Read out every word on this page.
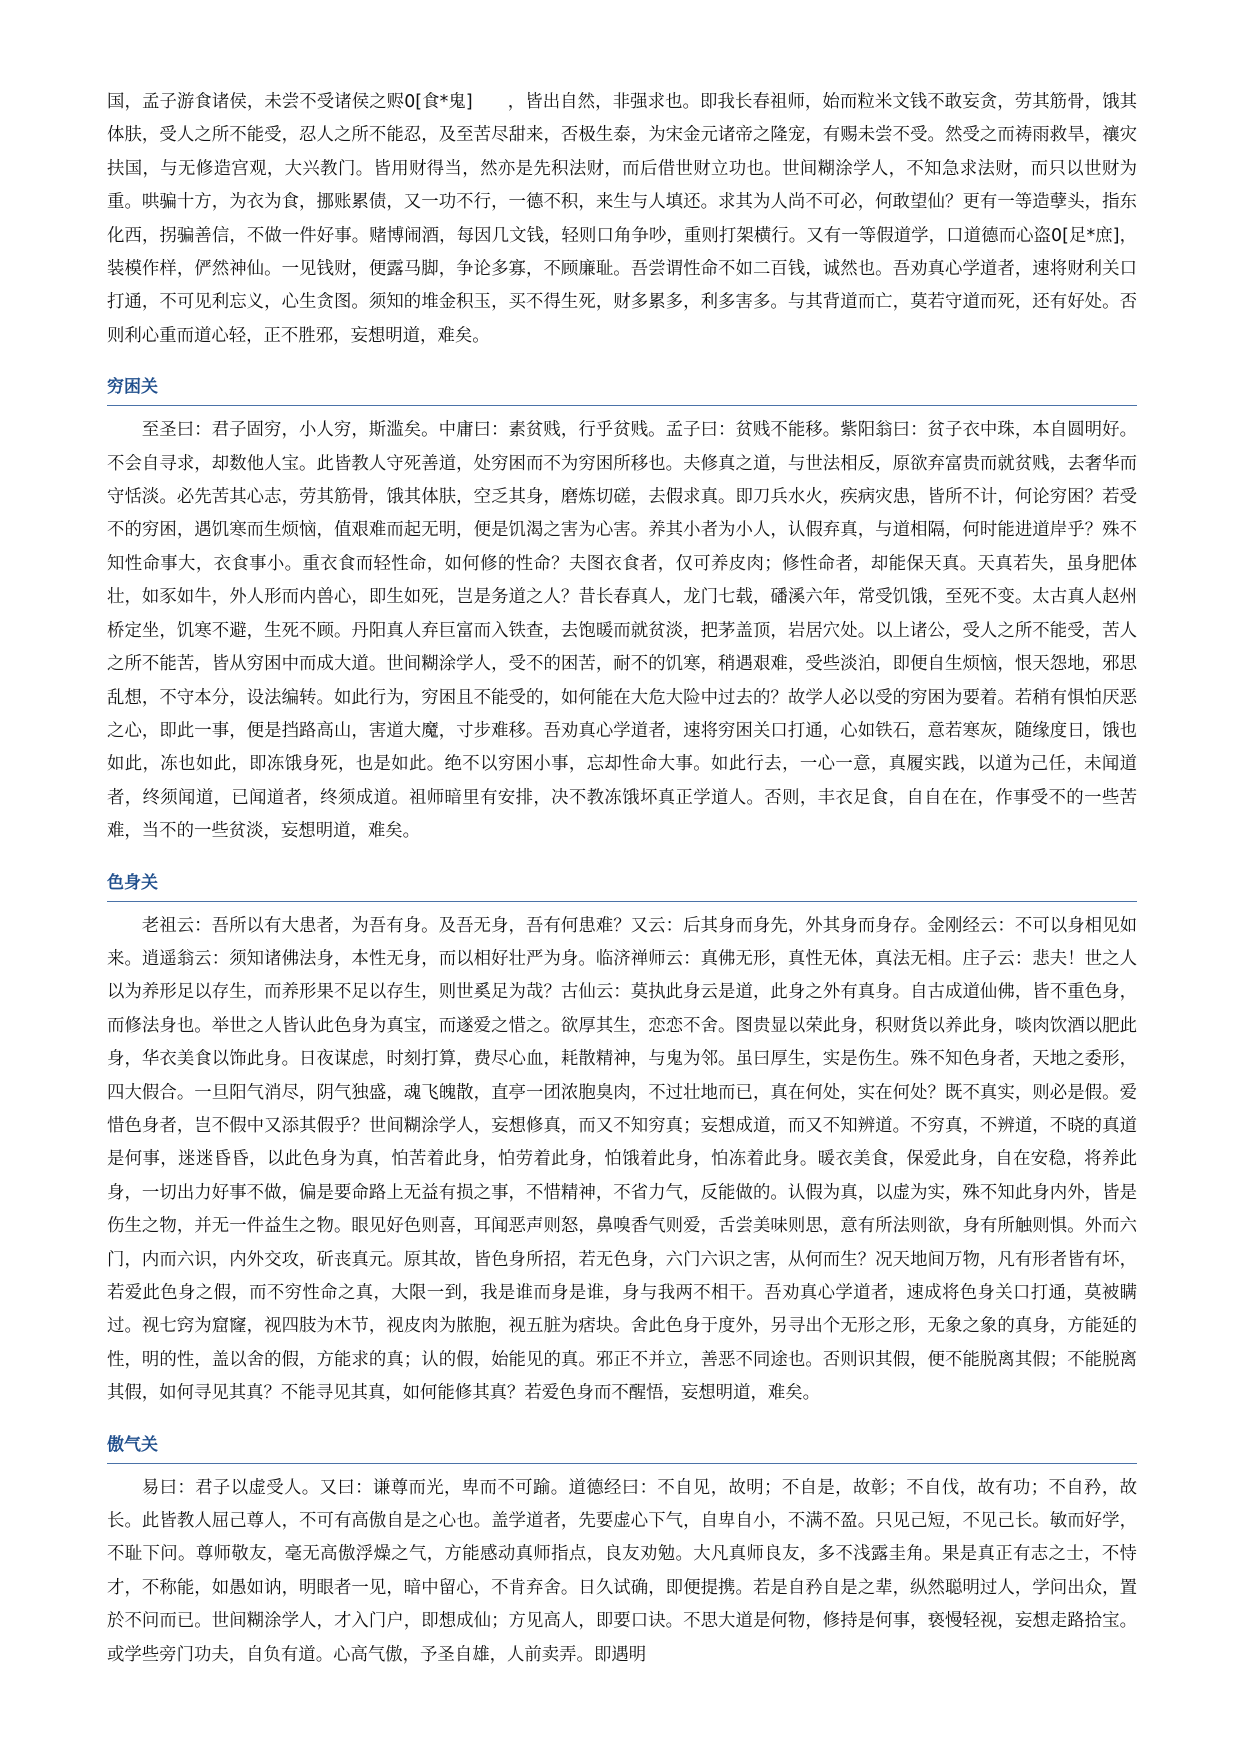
国，孟子游食诸侯，未尝不受诸侯之赆0[食*鬼]　　，皆出自然，非强求也。即我长春祖师，始而粒米文钱不敢妄贪，劳其筋骨，饿其体肤，受人之所不能受，忍人之所不能忍，及至苦尽甜来，否极生泰，为宋金元诸帝之隆宠，有赐未尝不受。然受之而祷雨救旱，禳灾扶国，与无修造宫观，大兴教门。皆用财得当，然亦是先积法财，而后借世财立功也。世间糊涂学人，不知急求法财，而只以世财为重。哄骗十方，为衣为食，挪账累债，又一功不行，一德不积，来生与人填还。求其为人尚不可必，何敢望仙？更有一等造孽头，指东化西，拐骗善信，不做一件好事。赌博闹酒，每因几文钱，轻则口角争吵，重则打架横行。又有一等假道学，口道德而心盗0[足*庶]，装模作样，俨然神仙。一见钱财，便露马脚，争论多寡，不顾廉耻。吾尝谓性命不如二百钱，诚然也。吾劝真心学道者，速将财利关口打通，不可见利忘义，心生贪图。须知的堆金积玉，买不得生死，财多累多，利多害多。与其背道而亡，莫若守道而死，还有好处。否则利心重而道心轻，正不胜邪，妄想明道，难矣。

穷困关

至圣曰：君子固穷，小人穷，斯滥矣。中庸曰：素贫贱，行乎贫贱。孟子曰：贫贱不能移。紫阳翁曰：贫子衣中珠，本自圆明好。不会自寻求，却数他人宝。此皆教人守死善道，处穷困而不为穷困所移也。夫修真之道，与世法相反，原欲弃富贵而就贫贱，去奢华而守恬淡。必先苦其心志，劳其筋骨，饿其体肤，空乏其身，磨炼切磋，去假求真。即刀兵水火，疾病灾患，皆所不计，何论穷困？若受不的穷困，遇饥寒而生烦恼，值艰难而起无明，便是饥渴之害为心害。养其小者为小人，认假弃真，与道相隔，何时能进道岸乎？殊不知性命事大，衣食事小。重衣食而轻性命，如何修的性命？夫图衣食者，仅可养皮肉；修性命者，却能保天真。天真若失，虽身肥体壮，如豕如牛，外人形而内兽心，即生如死，岂是务道之人？昔长春真人，龙门七载，磻溪六年，常受饥饿，至死不变。太古真人赵州桥定坐，饥寒不避，生死不顾。丹阳真人弃巨富而入铁查，去饱暖而就贫淡，把茅盖顶，岩居穴处。以上诸公，受人之所不能受，苦人之所不能苦，皆从穷困中而成大道。世间糊涂学人，受不的困苦，耐不的饥寒，稍遇艰难，受些淡泊，即便自生烦恼，恨天怨地，邪思乱想，不守本分，设法编转。如此行为，穷困且不能受的，如何能在大危大险中过去的？故学人必以受的穷困为要着。若稍有惧怕厌恶之心，即此一事，便是挡路高山，害道大魔，寸步难移。吾劝真心学道者，速将穷困关口打通，心如铁石，意若寒灰，随缘度日，饿也如此，冻也如此，即冻饿身死，也是如此。绝不以穷困小事，忘却性命大事。如此行去，一心一意，真履实践，以道为己任，未闻道者，终须闻道，已闻道者，终须成道。祖师暗里有安排，决不教冻饿坏真正学道人。否则，丰衣足食，自自在在，作事受不的一些苦难，当不的一些贫淡，妄想明道，难矣。

色身关

老祖云：吾所以有大患者，为吾有身。及吾无身，吾有何患难？又云：后其身而身先，外其身而身存。金刚经云：不可以身相见如来。逍遥翁云：须知诸佛法身，本性无身，而以相好壮严为身。临济禅师云：真佛无形，真性无体，真法无相。庄子云：悲夫！世之人以为养形足以存生，而养形果不足以存生，则世奚足为哉？古仙云：莫执此身云是道，此身之外有真身。自古成道仙佛，皆不重色身，而修法身也。举世之人皆认此色身为真宝，而遂爱之惜之。欲厚其生，恋恋不舍。图贵显以荣此身，积财货以养此身，啖肉饮酒以肥此身，华衣美食以饰此身。日夜谋虑，时刻打算，费尽心血，耗散精神，与鬼为邻。虽曰厚生，实是伤生。殊不知色身者，天地之委形，四大假合。一旦阳气消尽，阴气独盛，魂飞魄散，直亭一团浓胞臭肉，不过壮地而已，真在何处，实在何处？既不真实，则必是假。爱惜色身者，岂不假中又添其假乎？世间糊涂学人，妄想修真，而又不知穷真；妄想成道，而又不知辨道。不穷真，不辨道，不晓的真道是何事，迷迷昏昏，以此色身为真，怕苦着此身，怕劳着此身，怕饿着此身，怕冻着此身。暖衣美食，保爱此身，自在安稳，将养此身，一切出力好事不做，偏是要命路上无益有损之事，不惜精神，不省力气，反能做的。认假为真，以虚为实，殊不知此身内外，皆是伤生之物，并无一件益生之物。眼见好色则喜，耳闻恶声则怒，鼻嗅香气则爱，舌尝美味则思，意有所法则欲，身有所触则惧。外而六门，内而六识，内外交攻，斫丧真元。原其故，皆色身所招，若无色身，六门六识之害，从何而生？况天地间万物，凡有形者皆有坏，若爱此色身之假，而不穷性命之真，大限一到，我是谁而身是谁，身与我两不相干。吾劝真心学道者，速成将色身关口打通，莫被瞒过。视七窍为窟窿，视四肢为木节，视皮肉为脓胞，视五脏为痞块。舍此色身于度外，另寻出个无形之形，无象之象的真身，方能延的性，明的性，盖以舍的假，方能求的真；认的假，始能见的真。邪正不并立，善恶不同途也。否则识其假，便不能脱离其假；不能脱离其假，如何寻见其真？不能寻见其真，如何能修其真？若爱色身而不醒悟，妄想明道，难矣。

傲气关

易曰：君子以虚受人。又曰：谦尊而光，卑而不可踰。道德经曰：不自见，故明；不自是，故彰；不自伐，故有功；不自矜，故长。此皆教人屈己尊人，不可有高傲自是之心也。盖学道者，先要虚心下气，自卑自小，不满不盈。只见己短，不见己长。敏而好学，不耻下问。尊师敬友，毫无高傲浮燥之气，方能感动真师指点，良友劝勉。大凡真师良友，多不浅露圭角。果是真正有志之士，不恃才，不称能，如愚如讷，明眼者一见，暗中留心，不肯弃舍。日久试确，即便提携。若是自矜自是之辈，纵然聪明过人，学问出众，置於不问而已。世间糊涂学人，才入门户，即想成仙；方见高人，即要口诀。不思大道是何物，修持是何事，亵慢轻视，妄想走路拾宝。或学些旁门功夫，自负有道。心高气傲，予圣自雄，人前卖弄。即遇明
